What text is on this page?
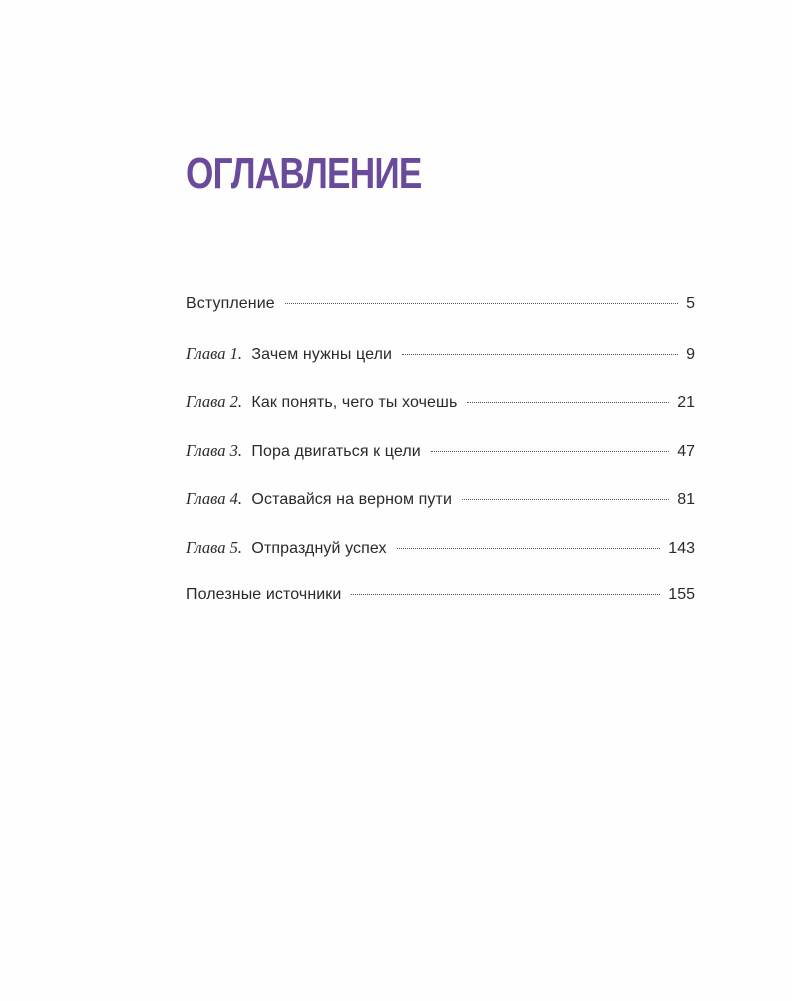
ОГЛАВЛЕНИЕ
Вступление	5
Глава 1. Зачем нужны цели	9
Глава 2. Как понять, чего ты хочешь	21
Глава 3. Пора двигаться к цели	47
Глава 4. Оставайся на верном пути	81
Глава 5. Отпразднуй успех	143
Полезные источники	155
